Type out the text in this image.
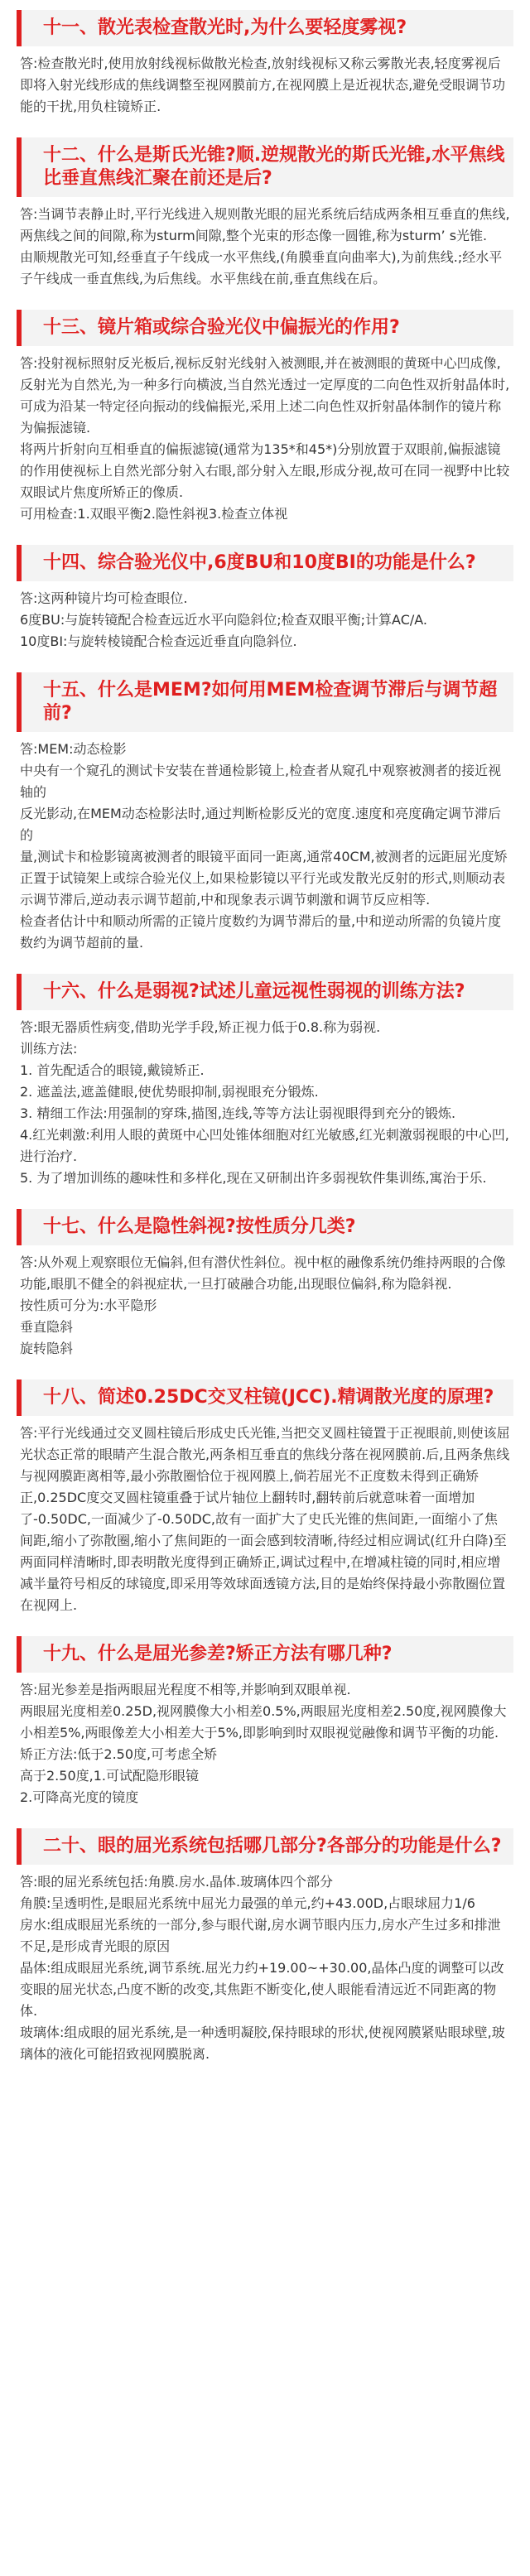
十一、散光表检查散光时,为什么要轻度雾视?

答:检查散光时,使用放射线视标做散光检查,放射线视标又称云雾散光表,轻度雾视后即将入射光线形成的焦线调整至视网膜前方,在视网膜上是近视状态,避免受眼调节功能的干扰,用负柱镜矫正.

十二、什么是斯氏光锥?顺.逆规散光的斯氏光锥,水平焦线比垂直焦线汇聚在前还是后?

答:当调节表静止时,平行光线进入规则散光眼的屈光系统后结成两条相互垂直的焦线,两焦线之间的间隙,称为sturm间隙,整个光束的形态像一圆锥,称为sturm’ s光锥.

由顺规散光可知,经垂直子午线成一水平焦线,(角膜垂直向曲率大),为前焦线.;经水平子午线成一垂直焦线,为后焦线。水平焦线在前,垂直焦线在后。

十三、镜片箱或综合验光仪中偏振光的作用?

答:投射视标照射反光板后,视标反射光线射入被测眼,并在被测眼的黄斑中心凹成像,反射光为自然光,为一种多行向横波,当自然光透过一定厚度的二向色性双折射晶体时,可成为沿某一特定径向振动的线偏振光,采用上述二向色性双折射晶体制作的镜片称为偏振滤镜.

将两片折射向互相垂直的偏振滤镜(通常为135*和45*)分别放置于双眼前,偏振滤镜的作用使视标上自然光部分射入右眼,部分射入左眼,形成分视,故可在同一视野中比较双眼试片焦度所矫正的像质.

可用检查:1.双眼平衡2.隐性斜视3.检查立体视

十四、综合验光仪中,6度BU和10度BI的功能是什么?

答:这两种镜片均可检查眼位.

6度BU:与旋转镜配合检查远近水平向隐斜位;检查双眼平衡;计算AC/A.

10度BI:与旋转棱镜配合检查远近垂直向隐斜位.

十五、什么是MEM?如何用MEM检查调节滞后与调节超前?

答:MEM:动态检影

中央有一个窥孔的测试卡安装在普通检影镜上,检查者从窥孔中观察被测者的接近视轴的

反光影动,在MEM动态检影法时,通过判断检影反光的宽度.速度和亮度确定调节滞后的

量,测试卡和检影镜离被测者的眼镜平面同一距离,通常40CM,被测者的远距屈光度矫正置于试镜架上或综合验光仪上,如果检影镜以平行光或发散光反射的形式,则顺动表示调节滞后,逆动表示调节超前,中和现象表示调节刺激和调节反应相等.

检查者估计中和顺动所需的正镜片度数约为调节滞后的量,中和逆动所需的负镜片度数约为调节超前的量.

十六、什么是弱视?试述儿童远视性弱视的训练方法?

答:眼无器质性病变,借助光学手段,矫正视力低于0.8.称为弱视.

训练方法:

1. 首先配适合的眼镜,戴镜矫正.

2. 遮盖法,遮盖健眼,使优势眼抑制,弱视眼充分锻炼.

3. 精细工作法:用强制的穿珠,描图,连线,等等方法让弱视眼得到充分的锻炼.

4.红光刺激:利用人眼的黄斑中心凹处锥体细胞对红光敏感,红光刺激弱视眼的中心凹,进行治疗.

5. 为了增加训练的趣味性和多样化,现在又研制出许多弱视软件集训练,寓治于乐.

十七、什么是隐性斜视?按性质分几类?

答:从外观上观察眼位无偏斜,但有潜伏性斜位。视中枢的融像系统仍维持两眼的合像功能,眼肌不健全的斜视症状,一旦打破融合功能,出现眼位偏斜,称为隐斜视.

按性质可分为:水平隐形

垂直隐斜

旋转隐斜

十八、简述0.25DC交叉柱镜(JCC).精调散光度的原理?

答:平行光线通过交叉圆柱镜后形成史氏光锥,当把交叉圆柱镜置于正视眼前,则使该屈光状态正常的眼睛产生混合散光,两条相互垂直的焦线分落在视网膜前.后,且两条焦线与视网膜距离相等,最小弥散圈恰位于视网膜上,倘若屈光不正度数未得到正确矫正,0.25DC度交叉圆柱镜重叠于试片轴位上翻转时,翻转前后就意味着一面增加了-0.50DC,一面减少了-0.50DC,故有一面扩大了史氏光锥的焦间距,一面缩小了焦间距,缩小了弥散圈,缩小了焦间距的一面会感到较清晰,待经过相应调试(红升白降)至两面同样清晰时,即表明散光度得到正确矫正,调试过程中,在增减柱镜的同时,相应增减半量符号相反的球镜度,即采用等效球面透镜方法,目的是始终保持最小弥散圈位置在视网上.

十九、什么是屈光参差?矫正方法有哪几种?

答:屈光参差是指两眼屈光程度不相等,并影响到双眼单视.

两眼屈光度相差0.25D,视网膜像大小相差0.5%,两眼屈光度相差2.50度,视网膜像大小相差5%,两眼像差大小相差大于5%,即影响到时双眼视觉融像和调节平衡的功能.

矫正方法:低于2.50度,可考虑全矫

高于2.50度,1.可试配隐形眼镜

2.可降高光度的镜度

二十、眼的屈光系统包括哪几部分?各部分的功能是什么?

答:眼的屈光系统包括:角膜.房水.晶体.玻璃体四个部分

角膜:呈透明性,是眼屈光系统中屈光力最强的单元,约+43.00D,占眼球屈力1/6

房水:组成眼屈光系统的一部分,参与眼代谢,房水调节眼内压力,房水产生过多和排泄不足,是形成青光眼的原因

晶体:组成眼屈光系统,调节系统.屈光力约+19.00~+30.00,晶体凸度的调整可以改变眼的屈光状态,凸度不断的改变,其焦距不断变化,使人眼能看清远近不同距离的物体.

玻璃体:组成眼的屈光系统,是一种透明凝胶,保持眼球的形状,使视网膜紧贴眼球壁,玻璃体的液化可能招致视网膜脱离.
